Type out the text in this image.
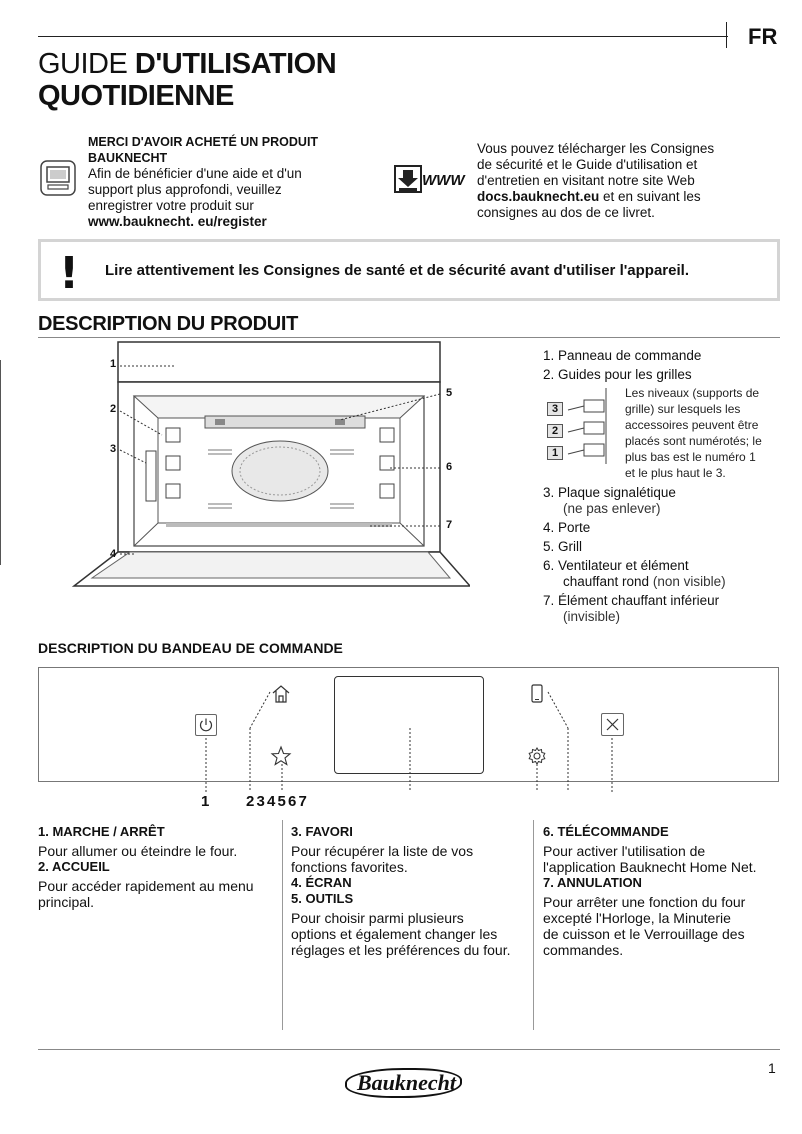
FR
GUIDE D'UTILISATION
QUOTIDIENNE
MERCI D'AVOIR ACHETÉ UN PRODUIT
BAUKNECHT
Afin de bénéficier d'une aide et d'un
support plus approfondi, veuillez
enregistrer votre produit sur
www.bauknecht. eu/register
WWW
Vous pouvez télécharger les Consignes
de sécurité et le Guide d'utilisation et
d'entretien en visitant notre site Web
docs.bauknecht.eu et en suivant les
consignes au dos de ce livret.
! Lire attentivement les Consignes de santé et de sécurité avant d'utiliser l'appareil.
DESCRIPTION DU PRODUIT
1
2
3
4
5
6
7
1. Panneau de commande
2. Guides pour les grilles
3
2
1
Les niveaux (supports de
grille) sur lesquels les
accessoires peuvent être
placés sont numérotés; le
plus bas est le numéro 1
et le plus haut le 3.
3. Plaque signalétique
(ne pas enlever)
4. Porte
5. Grill
6. Ventilateur et élément
chauffant rond (non visible)
7. Élément chauffant inférieur
(invisible)
DESCRIPTION DU BANDEAU DE COMMANDE
1 2 3 4 5 6 7
1. MARCHE / ARRÊT
Pour allumer ou éteindre le four.
2. ACCUEIL
Pour accéder rapidement au menu
principal.
3. FAVORI
Pour récupérer la liste de vos
fonctions favorites.
4. ÉCRAN
5. OUTILS
Pour choisir parmi plusieurs
options et également changer les
réglages et les préférences du four.
6. TÉLÉCOMMANDE
Pour activer l'utilisation de
l'application Bauknecht Home Net.
7. ANNULATION
Pour arrêter une fonction du four
excepté l'Horloge, la Minuterie
de cuisson et le Verrouillage des
commandes.
1
Bauknecht
